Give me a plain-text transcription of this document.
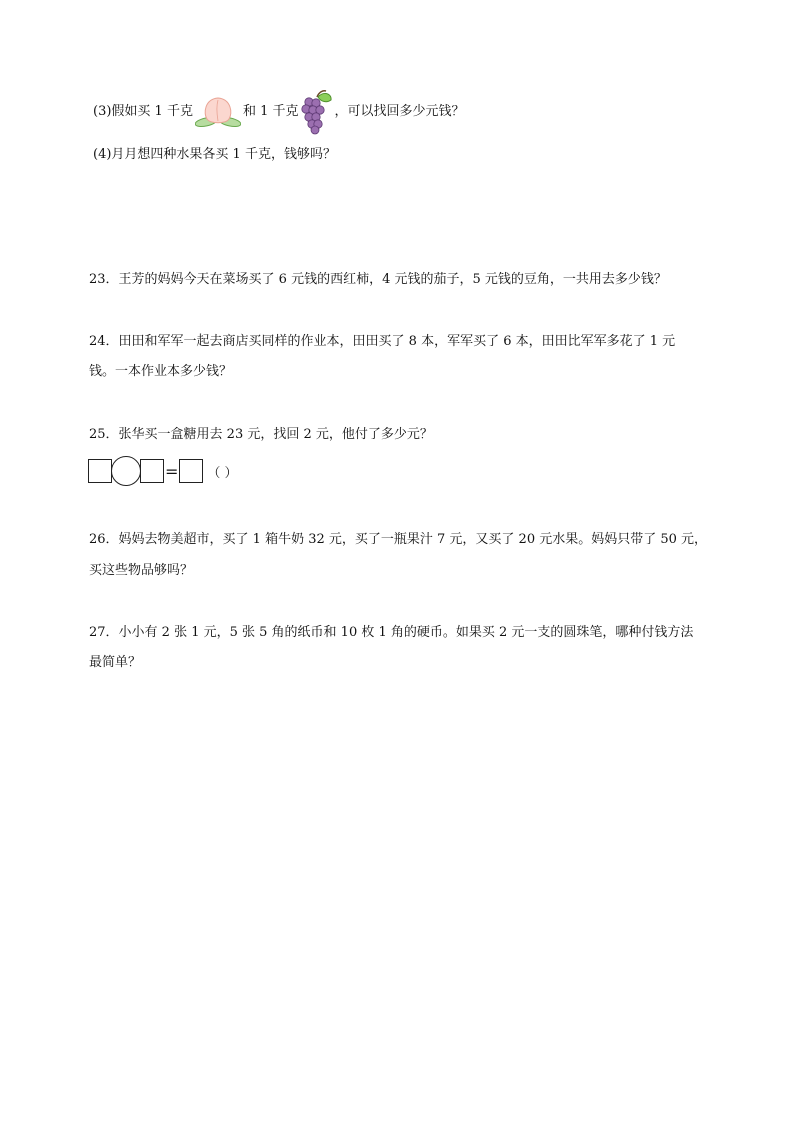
(3)假如买 1 千克	和 1 千克	，可以找回多少元钱？
(4)月月想四种水果各买 1 千克，钱够吗？
23．王芳的妈妈今天在菜场买了 6 元钱的西红柿，4 元钱的茄子，5 元钱的豆角，一共用去多少钱？
24．田田和军军一起去商店买同样的作业本，田田买了 8 本，军军买了 6 本，田田比军军多花了 1 元
钱。一本作业本多少钱？
25．张华买一盒糖用去 23 元，找回 2 元，他付了多少元？
= （ ）
26．妈妈去物美超市，买了 1 箱牛奶 32 元，买了一瓶果汁 7 元，又买了 20 元水果。妈妈只带了 50 元，
买这些物品够吗？
27．小小有 2 张 1 元，5 张 5 角的纸币和 10 枚 1 角的硬币。如果买 2 元一支的圆珠笔，哪种付钱方法
最简单？
